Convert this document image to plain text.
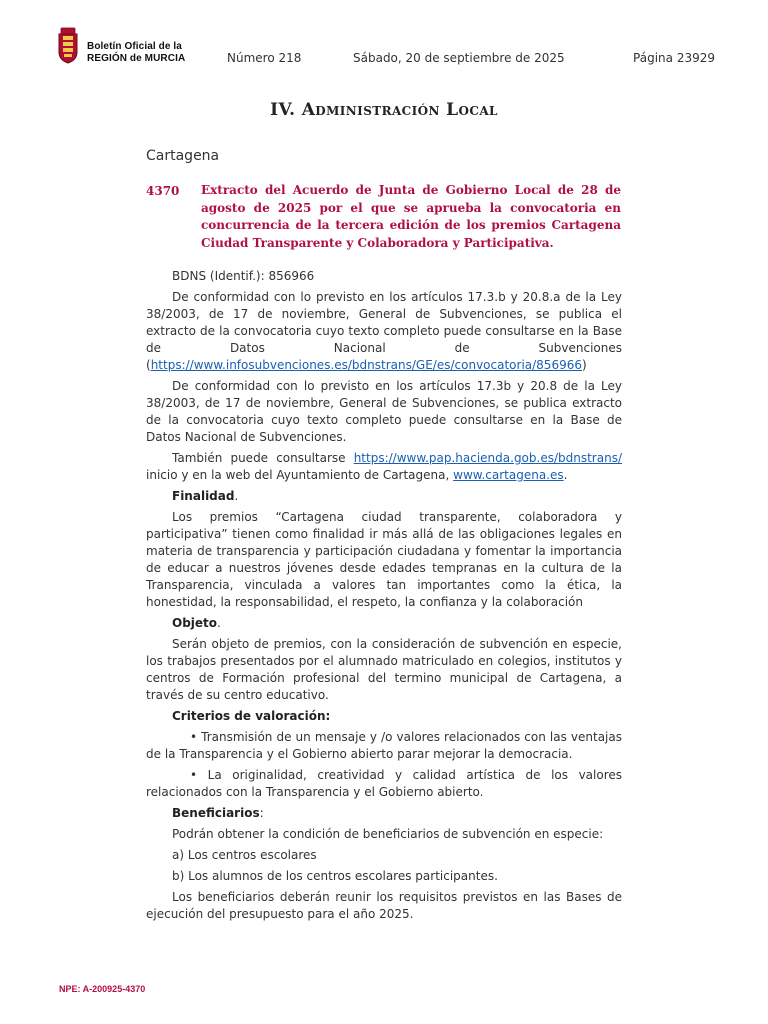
Boletín Oficial de la
REGIÓN de MURCIA	Número 218	Sábado, 20 de septiembre de 2025	Página 23929
IV. Administración Local
Cartagena
4370 Extracto del Acuerdo de Junta de Gobierno Local de 28 de agosto de 2025 por el que se aprueba la convocatoria en concurrencia de la tercera edición de los premios Cartagena Ciudad Transparente y Colaboradora y Participativa.

BDNS (Identif.): 856966

De conformidad con lo previsto en los artículos 17.3.b y 20.8.a de la Ley 38/2003, de 17 de noviembre, General de Subvenciones, se publica el extracto de la convocatoria cuyo texto completo puede consultarse en la Base de Datos Nacional de Subvenciones (https://www.infosubvenciones.es/bdnstrans/GE/es/convocatoria/856966)

De conformidad con lo previsto en los artículos 17.3b y 20.8 de la Ley 38/2003, de 17 de noviembre, General de Subvenciones, se publica extracto de la convocatoria cuyo texto completo puede consultarse en la Base de Datos Nacional de Subvenciones.

También puede consultarse https://www.pap.hacienda.gob.es/bdnstrans/ inicio y en la web del Ayuntamiento de Cartagena, www.cartagena.es.

Finalidad.

Los premios “Cartagena ciudad transparente, colaboradora y participativa” tienen como finalidad ir más allá de las obligaciones legales en materia de transparencia y participación ciudadana y fomentar la importancia de educar a nuestros jóvenes desde edades tempranas en la cultura de la Transparencia, vinculada a valores tan importantes como la ética, la honestidad, la responsabilidad, el respeto, la confianza y la colaboración

Objeto.

Serán objeto de premios, con la consideración de subvención en especie, los trabajos presentados por el alumnado matriculado en colegios, institutos y centros de Formación profesional del termino municipal de Cartagena, a través de su centro educativo.

Criterios de valoración:

• Transmisión de un mensaje y /o valores relacionados con las ventajas de la Transparencia y el Gobierno abierto parar mejorar la democracia.

• La originalidad, creatividad y calidad artística de los valores relacionados con la Transparencia y el Gobierno abierto.

Beneficiarios:

Podrán obtener la condición de beneficiarios de subvención en especie:

a) Los centros escolares

b) Los alumnos de los centros escolares participantes.

Los beneficiarios deberán reunir los requisitos previstos en las Bases de ejecución del presupuesto para el año 2025.

NPE: A-200925-4370
